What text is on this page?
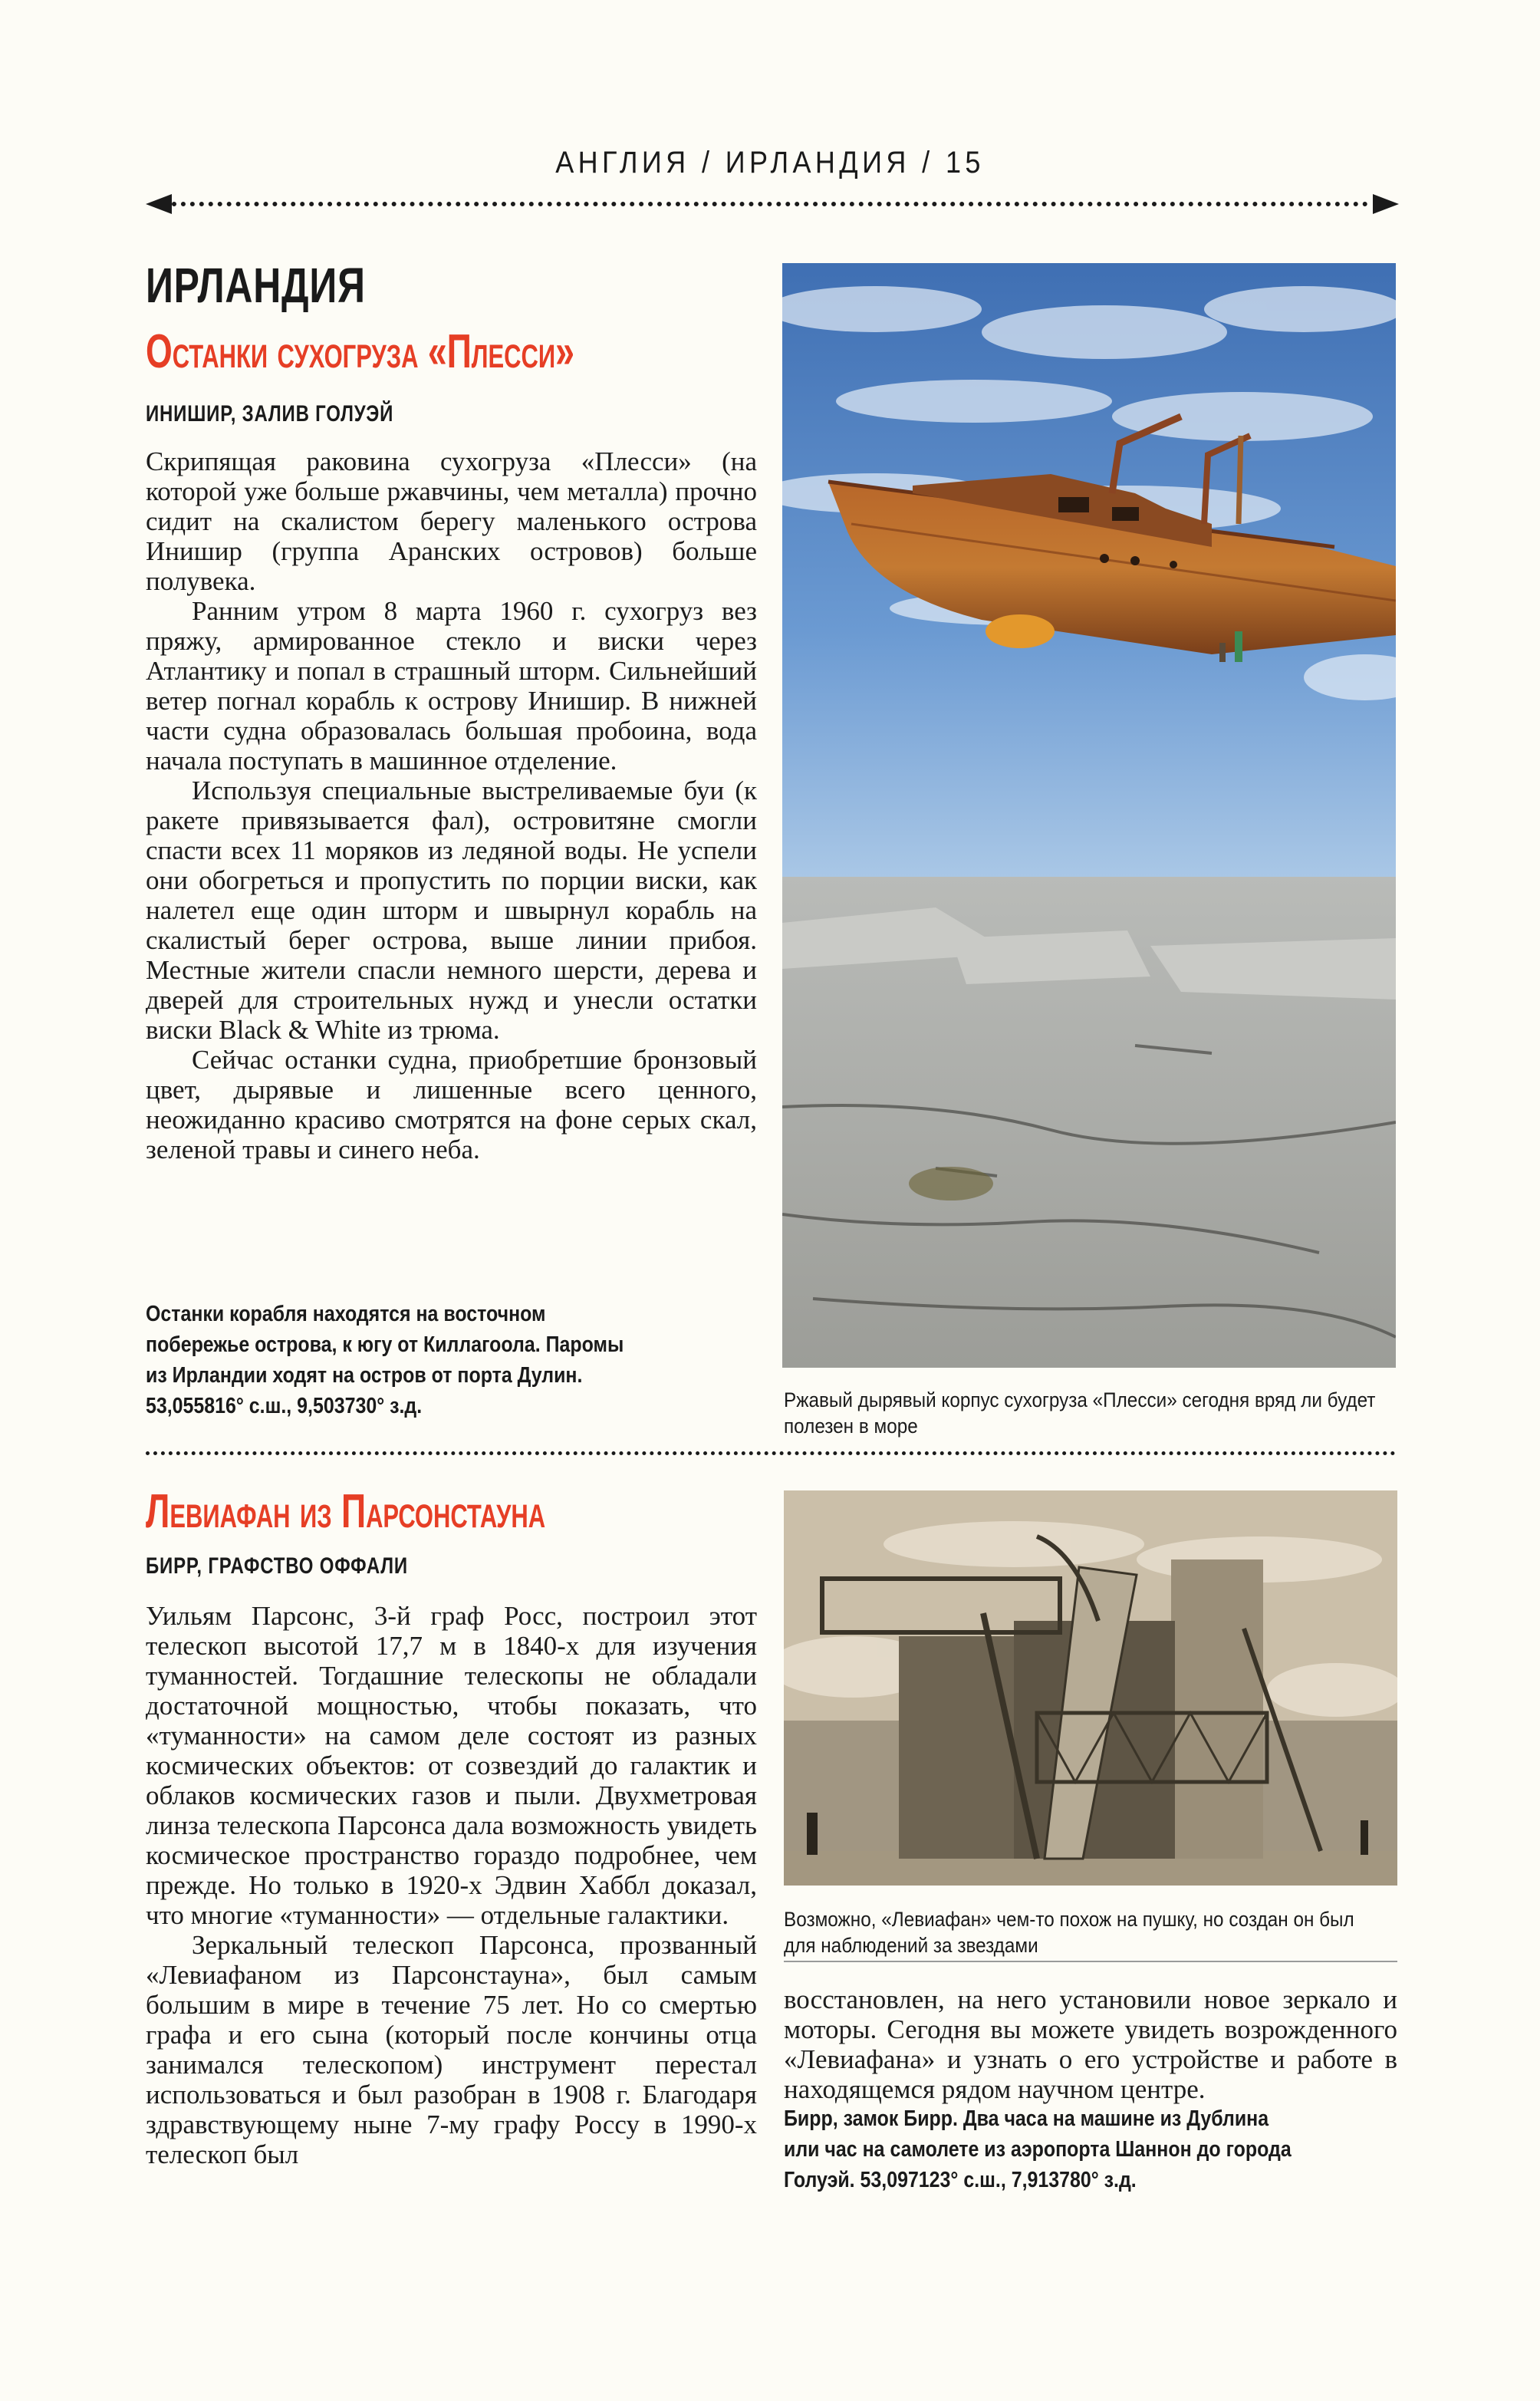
АНГЛИЯ / ИРЛАНДИЯ / 15
ИРЛАНДИЯ
Останки сухогруза «Плесси»
ИНИШИР, ЗАЛИВ ГОЛУЭЙ

Скрипящая раковина сухогруза «Плесси» (на которой уже больше ржавчины, чем металла) прочно сидит на скалистом берегу маленького острова Инишир (группа Аранских островов) больше полувека.

Ранним утром 8 марта 1960 г. сухогруз вез пряжу, армированное стекло и виски через Атлантику и попал в страшный шторм. Сильнейший ветер погнал корабль к острову Инишир. В нижней части судна образовалась большая пробоина, вода начала поступать в машинное отделение.

Используя специальные выстреливаемые буи (к ракете привязывается фал), островитяне смогли спасти всех 11 моряков из ледяной воды. Не успели они обогреться и пропустить по порции виски, как налетел еще один шторм и швырнул корабль на скалистый берег острова, выше линии прибоя. Местные жители спасли немного шерсти, дерева и дверей для строительных нужд и унесли остатки виски Black & White из трюма.

Сейчас останки судна, приобретшие бронзовый цвет, дырявые и лишенные всего ценного, неожиданно красиво смотрятся на фоне серых скал, зеленой травы и синего неба.

Останки корабля находятся на восточном побережье острова, к югу от Киллагоола. Паромы из Ирландии ходят на остров от порта Дулин.
53,055816° с.ш., 9,503730° з.д.	Ржавый дырявый корпус сухогруза «Плесси» сегодня вряд ли будет полезен в море
Левиафан из Парсонстауна
БИРР, ГРАФСТВО ОФФАЛИ

Уильям Парсонс, 3-й граф Росс, построил этот телескоп высотой 17,7 м в 1840-х для изучения туманностей. Тогдашние телескопы не обладали достаточной мощностью, чтобы показать, что «туманности» на самом деле состоят из разных космических объектов: от созвездий до галактик и облаков космических газов и пыли. Двухметровая линза телескопа Парсонса дала возможность увидеть космическое пространство гораздо подробнее, чем прежде. Но только в 1920-х Эдвин Хаббл доказал, что многие «туманности» — отдельные галактики.

Зеркальный телескоп Парсонса, прозванный «Левиафаном из Парсонстауна», был самым большим в мире в течение 75 лет. Но со смертью графа и его сына (который после кончины отца занимался телескопом) инструмент перестал использоваться и был разобран в 1908 г. Благодаря здравствующему ныне 7-му графу Россу в 1990-х телескоп был

Возможно, «Левиафан» чем-то похож на пушку, но создан он был для наблюдений за звездами

восстановлен, на него установили новое зеркало и моторы. Сегодня вы можете увидеть возрожденного «Левиафана» и узнать о его устройстве и работе в находящемся рядом научном центре.

Бирр, замок Бирр. Два часа на машине из Дублина или час на самолете из аэропорта Шаннон до города Голуэй. 53,097123° с.ш., 7,913780° з.д.
